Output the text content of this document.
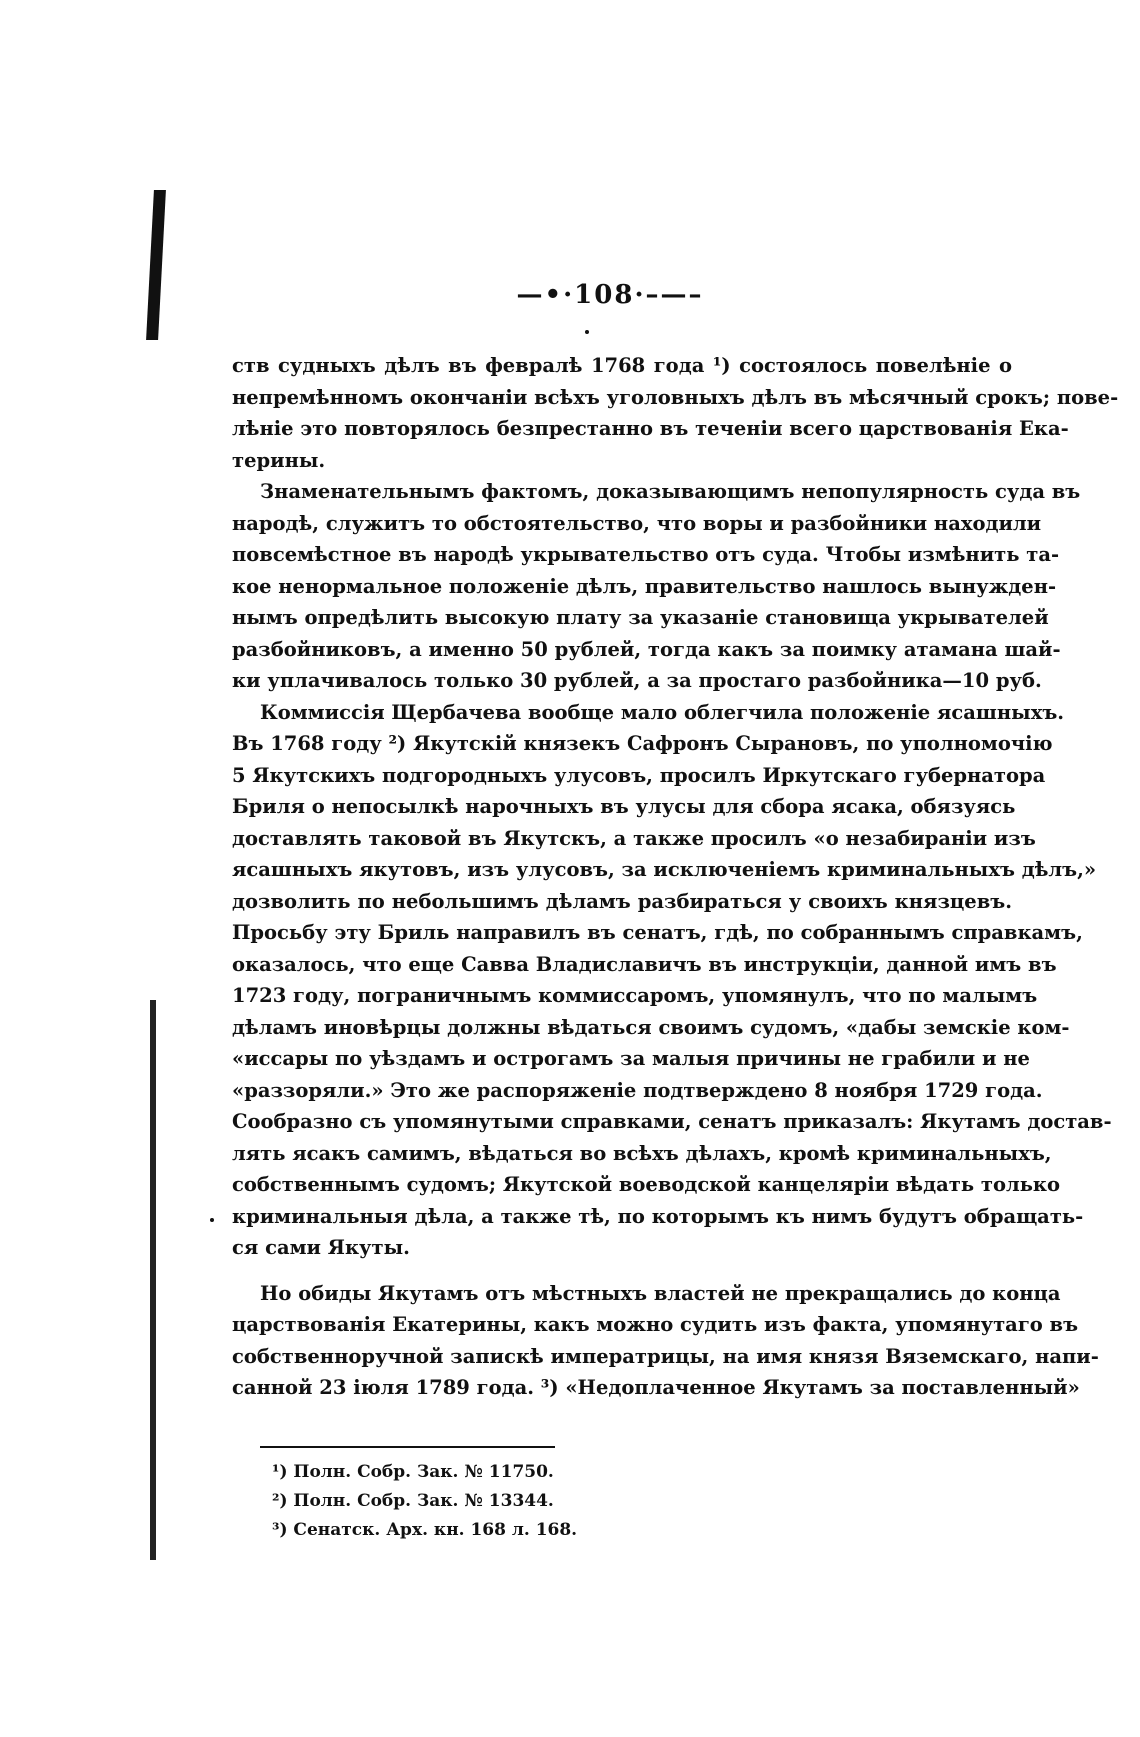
—•·108·–—–
ств судныхъ дѣлъ въ февралѣ 1768 года ¹) состоялось повелѣніе о
непремѣнномъ окончаніи всѣхъ уголовныхъ дѣлъ въ мѣсячный срокъ; пове-
лѣніе это повторялось безпрестанно въ теченіи всего царствованія Ека-
терины.
Знаменательнымъ фактомъ, доказывающимъ непопулярность суда въ
народѣ, служитъ то обстоятельство, что воры и разбойники находили
повсемѣстное въ народѣ укрывательство отъ суда. Чтобы измѣнить та-
кое ненормальное положеніе дѣлъ, правительство нашлось вынужден-
нымъ опредѣлить высокую плату за указаніе становища укрывателей
разбойниковъ, а именно 50 рублей, тогда какъ за поимку атамана шай-
ки уплачивалось только 30 рублей, а за простаго разбойника—10 руб.
Коммиссія Щербачева вообще мало облегчила положеніе ясашныхъ.
Въ 1768 году ²) Якутскій князекъ Сафронъ Сырановъ, по уполномочію
5 Якутскихъ подгородныхъ улусовъ, просилъ Иркутскаго губернатора
Бриля о непосылкѣ нарочныхъ въ улусы для сбора ясака, обязуясь
доставлять таковой въ Якутскъ, а также просилъ «о незабираніи изъ
ясашныхъ якутовъ, изъ улусовъ, за исключеніемъ криминальныхъ дѣлъ,»
дозволить по небольшимъ дѣламъ разбираться у своихъ князцевъ.
Просьбу эту Бриль направилъ въ сенатъ, гдѣ, по собраннымъ справкамъ,
оказалось, что еще Савва Владиславичъ въ инструкціи, данной имъ въ
1723 году, пограничнымъ коммиссаромъ, упомянулъ, что по малымъ
дѣламъ иновѣрцы должны вѣдаться своимъ судомъ, «дабы земскіе ком-
«иссары по уѣздамъ и острогамъ за малыя причины не грабили и не
«раззоряли.» Это же распоряженіе подтверждено 8 ноября 1729 года.
Сообразно съ упомянутыми справками, сенатъ приказалъ: Якутамъ достав-
лять ясакъ самимъ, вѣдаться во всѣхъ дѣлахъ, кромѣ криминальныхъ,
собственнымъ судомъ; Якутской воеводской канцеляріи вѣдать только
криминальныя дѣла, а также тѣ, по которымъ къ нимъ будутъ обращать-
ся сами Якуты.
Но обиды Якутамъ отъ мѣстныхъ властей не прекращались до конца
царствованія Екатерины, какъ можно судить изъ факта, упомянутаго въ
собственноручной запискѣ императрицы, на имя князя Вяземскаго, напи-
санной 23 іюля 1789 года. ³) «Недоплаченное Якутамъ за поставленный»
¹) Полн. Собр. Зак. № 11750.
²) Полн. Собр. Зак. № 13344.
³) Сенатск. Арх. кн. 168 л. 168.
